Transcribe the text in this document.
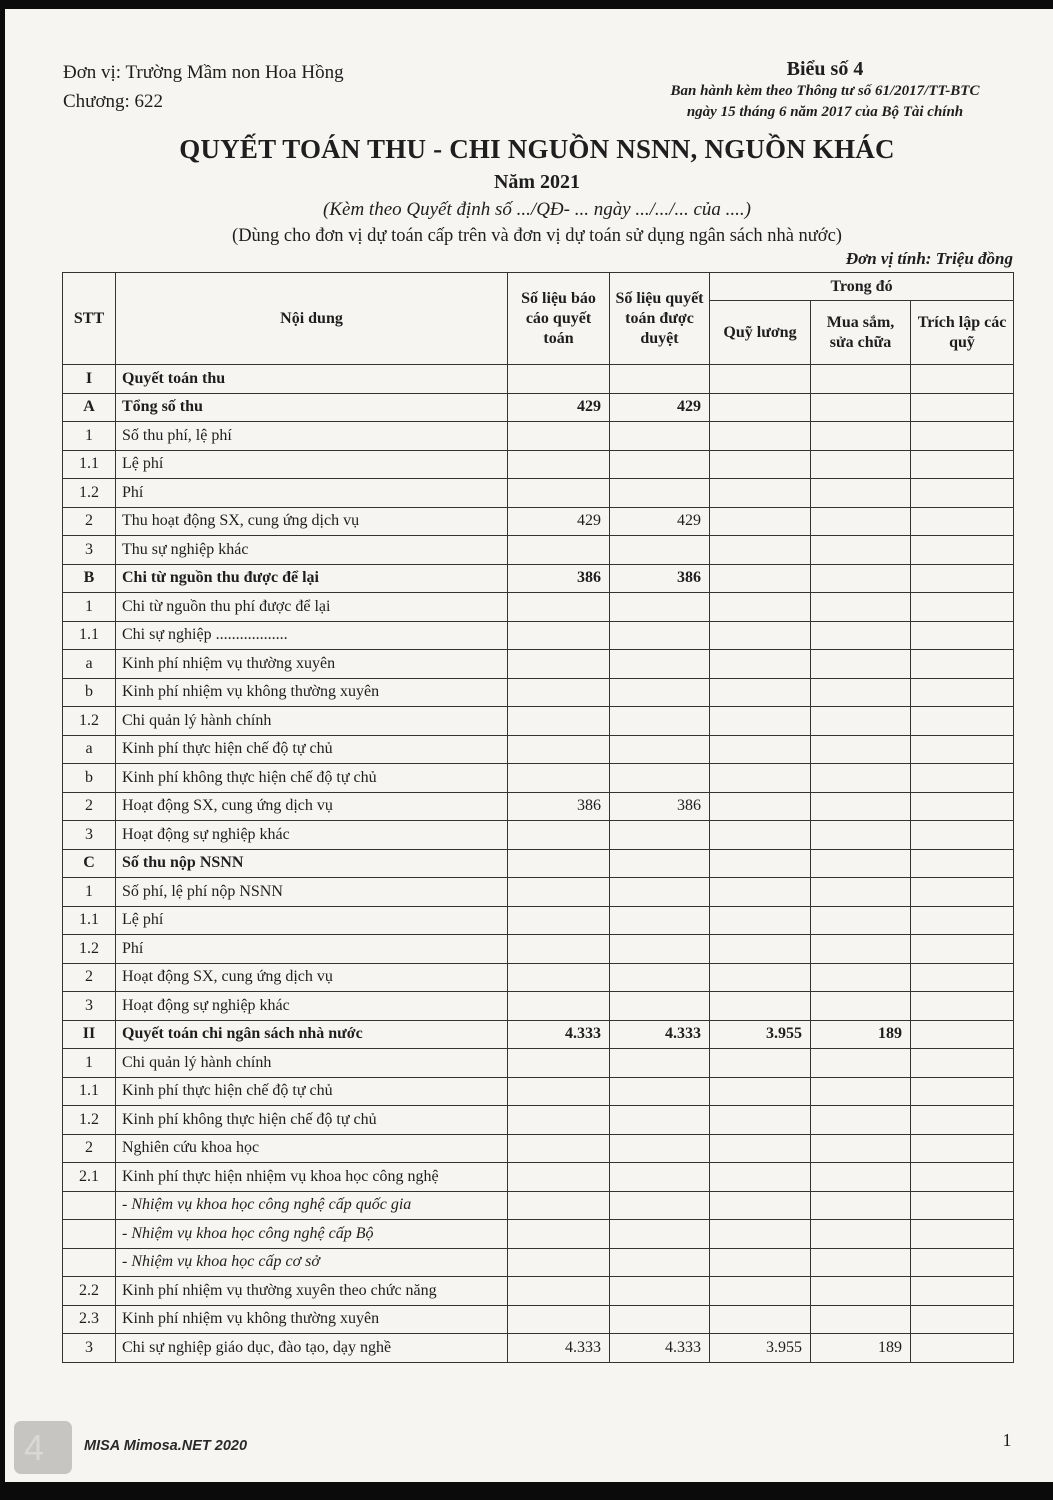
Đơn vị: Trường Mầm non Hoa Hồng
Chương: 622
Biểu số 4
Ban hành kèm theo Thông tư số 61/2017/TT-BTC
ngày 15 tháng 6 năm 2017 của Bộ Tài chính
QUYẾT TOÁN THU - CHI NGUỒN NSNN, NGUỒN KHÁC
Năm 2021
(Kèm theo Quyết định số .../QĐ- ... ngày .../.../... của ....)
(Dùng cho đơn vị dự toán cấp trên và đơn vị dự toán sử dụng ngân sách nhà nước)
Đơn vị tính: Triệu đồng
STT	Nội dung	Số liệu báo cáo quyết toán	Số liệu quyết toán được duyệt	Trong đó		
				Quỹ lương	Mua sắm, sửa chữa	Trích lập các quỹ
I	Quyết toán thu					
A	Tổng số thu	429	429			
1	Số thu phí, lệ phí					
1.1	Lệ phí					
1.2	Phí					
2	Thu hoạt động SX, cung ứng dịch vụ	429	429			
3	Thu sự nghiệp khác					
B	Chi từ nguồn thu được để lại	386	386			
1	Chi từ nguồn thu phí được để lại					
1.1	Chi sự nghiệp ..................					
a	Kinh phí nhiệm vụ thường xuyên					
b	Kinh phí nhiệm vụ không thường xuyên					
1.2	Chi quản lý hành chính					
a	Kinh phí thực hiện chế độ tự chủ					
b	Kinh phí không thực hiện chế độ tự chủ					
2	Hoạt động SX, cung ứng dịch vụ	386	386			
3	Hoạt động sự nghiệp khác					
C	Số thu nộp NSNN					
1	Số phí, lệ phí nộp NSNN					
1.1	Lệ phí					
1.2	Phí					
2	Hoạt động SX, cung ứng dịch vụ					
3	Hoạt động sự nghiệp khác					
II	Quyết toán chi ngân sách nhà nước	4.333	4.333	3.955	189	
1	Chi quản lý hành chính					
1.1	Kinh phí thực hiện chế độ tự chủ					
1.2	Kinh phí không thực hiện chế độ tự chủ					
2	Nghiên cứu khoa học					
2.1	Kinh phí thực hiện nhiệm vụ khoa học công nghệ					
	- Nhiệm vụ khoa học công nghệ cấp quốc gia					
	- Nhiệm vụ khoa học công nghệ cấp Bộ					
	- Nhiệm vụ khoa học cấp cơ sở					
2.2	Kinh phí nhiệm vụ thường xuyên theo chức năng					
2.3	Kinh phí nhiệm vụ không thường xuyên					
3	Chi sự nghiệp giáo dục, đào tạo, dạy nghề	4.333	4.333	3.955	189	
4	MISA Mimosa.NET 2020	1
